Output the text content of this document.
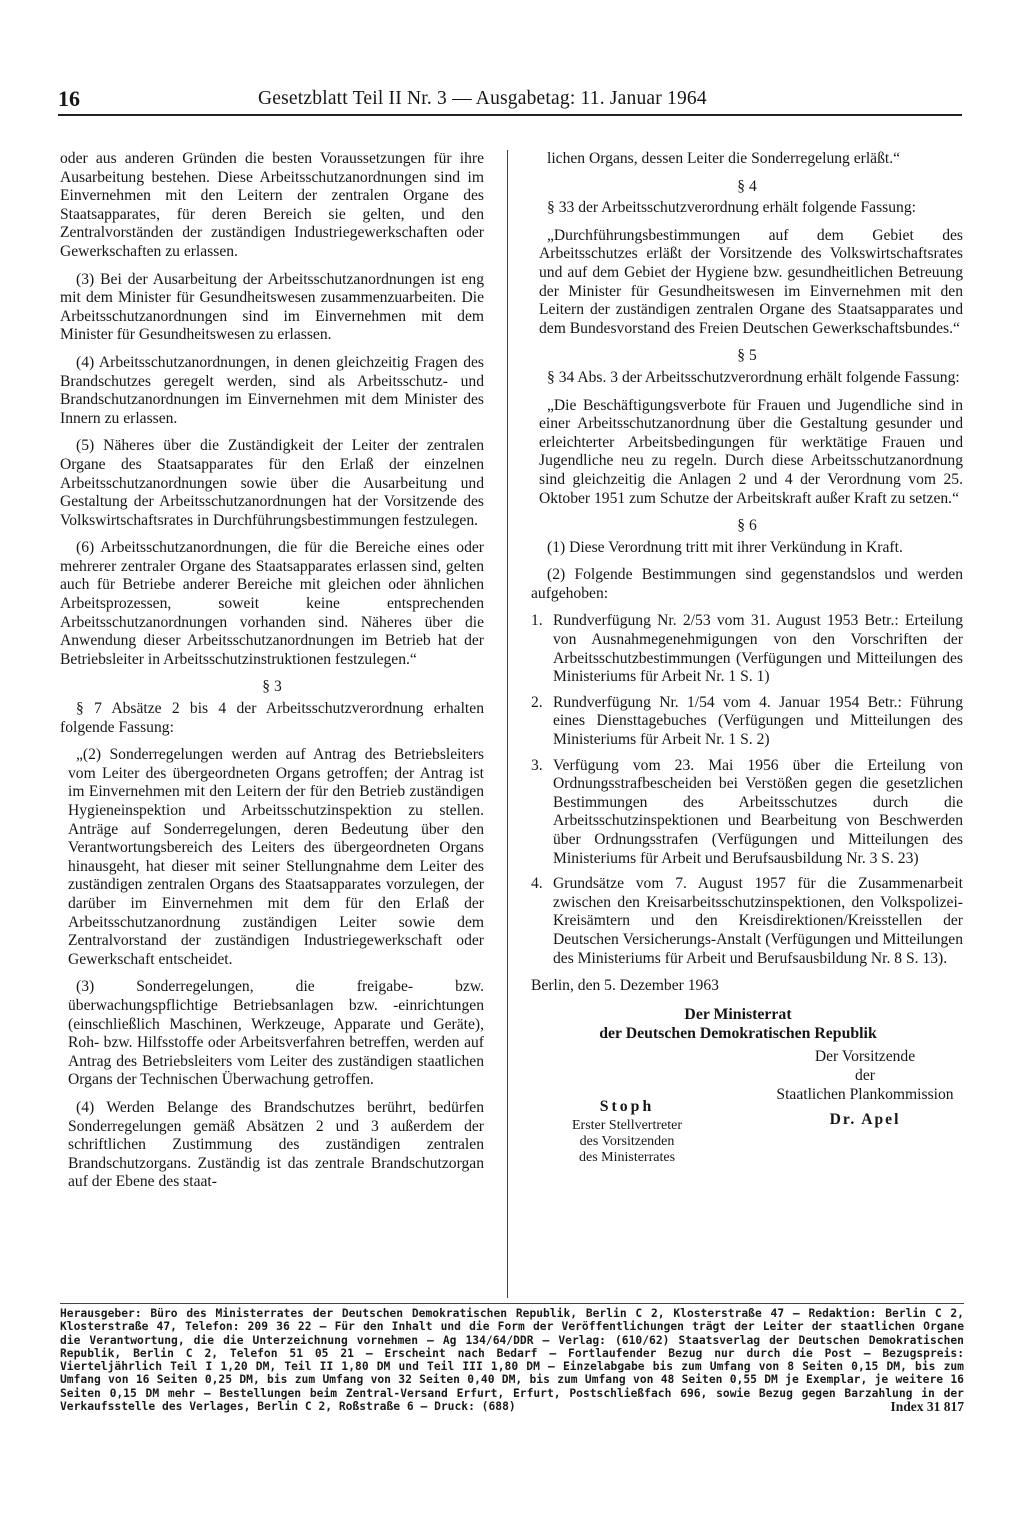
16	Gesetzblatt Teil II Nr. 3 — Ausgabetag: 11. Januar 1964

oder aus anderen Gründen die besten Voraussetzungen für ihre Ausarbeitung bestehen. Diese Arbeitsschutzanordnungen sind im Einvernehmen mit den Leitern der zentralen Organe des Staatsapparates, für deren Bereich sie gelten, und den Zentralvorständen der zuständigen Industriegewerkschaften oder Gewerkschaften zu erlassen.

(3) Bei der Ausarbeitung der Arbeitsschutzanordnungen ist eng mit dem Minister für Gesundheitswesen zusammenzuarbeiten. Die Arbeitsschutzanordnungen sind im Einvernehmen mit dem Minister für Gesundheitswesen zu erlassen.

(4) Arbeitsschutzanordnungen, in denen gleichzeitig Fragen des Brandschutzes geregelt werden, sind als Arbeitsschutz- und Brandschutzanordnungen im Einvernehmen mit dem Minister des Innern zu erlassen.

(5) Näheres über die Zuständigkeit der Leiter der zentralen Organe des Staatsapparates für den Erlaß der einzelnen Arbeitsschutzanordnungen sowie über die Ausarbeitung und Gestaltung der Arbeitsschutzanordnungen hat der Vorsitzende des Volkswirtschaftsrates in Durchführungsbestimmungen festzulegen.

(6) Arbeitsschutzanordnungen, die für die Bereiche eines oder mehrerer zentraler Organe des Staatsapparates erlassen sind, gelten auch für Betriebe anderer Bereiche mit gleichen oder ähnlichen Arbeitsprozessen, soweit keine entsprechenden Arbeitsschutzanordnungen vorhanden sind. Näheres über die Anwendung dieser Arbeitsschutzanordnungen im Betrieb hat der Betriebsleiter in Arbeitsschutzinstruktionen festzulegen.“

§ 3

§ 7 Absätze 2 bis 4 der Arbeitsschutzverordnung erhalten folgende Fassung:

„(2) Sonderregelungen werden auf Antrag des Betriebsleiters vom Leiter des übergeordneten Organs getroffen; der Antrag ist im Einvernehmen mit den Leitern der für den Betrieb zuständigen Hygieneinspektion und Arbeitsschutzinspektion zu stellen. Anträge auf Sonderregelungen, deren Bedeutung über den Verantwortungsbereich des Leiters des übergeordneten Organs hinausgeht, hat dieser mit seiner Stellungnahme dem Leiter des zuständigen zentralen Organs des Staatsapparates vorzulegen, der darüber im Einvernehmen mit dem für den Erlaß der Arbeitsschutzanordnung zuständigen Leiter sowie dem Zentralvorstand der zuständigen Industriegewerkschaft oder Gewerkschaft entscheidet.

(3) Sonderregelungen, die freigabe- bzw. überwachungspflichtige Betriebsanlagen bzw. -einrichtungen (einschließlich Maschinen, Werkzeuge, Apparate und Geräte), Roh- bzw. Hilfsstoffe oder Arbeitsverfahren betreffen, werden auf Antrag des Betriebsleiters vom Leiter des zuständigen staatlichen Organs der Technischen Überwachung getroffen.

(4) Werden Belange des Brandschutzes berührt, bedürfen Sonderregelungen gemäß Absätzen 2 und 3 außerdem der schriftlichen Zustimmung des zuständigen zentralen Brandschutzorgans. Zuständig ist das zentrale Brandschutzorgan auf der Ebene des staat-

lichen Organs, dessen Leiter die Sonderregelung erläßt.“

§ 4

§ 33 der Arbeitsschutzverordnung erhält folgende Fassung:

„Durchführungsbestimmungen auf dem Gebiet des Arbeitsschutzes erläßt der Vorsitzende des Volkswirtschaftsrates und auf dem Gebiet der Hygiene bzw. gesundheitlichen Betreuung der Minister für Gesundheitswesen im Einvernehmen mit den Leitern der zuständigen zentralen Organe des Staatsapparates und dem Bundesvorstand des Freien Deutschen Gewerkschaftsbundes.“

§ 5

§ 34 Abs. 3 der Arbeitsschutzverordnung erhält folgende Fassung:

„Die Beschäftigungsverbote für Frauen und Jugendliche sind in einer Arbeitsschutzanordnung über die Gestaltung gesunder und erleichterter Arbeitsbedingungen für werktätige Frauen und Jugendliche neu zu regeln. Durch diese Arbeitsschutzanordnung sind gleichzeitig die Anlagen 2 und 4 der Verordnung vom 25. Oktober 1951 zum Schutze der Arbeitskraft außer Kraft zu setzen.“

§ 6

(1) Diese Verordnung tritt mit ihrer Verkündung in Kraft.

(2) Folgende Bestimmungen sind gegenstandslos und werden aufgehoben:

1. Rundverfügung Nr. 2/53 vom 31. August 1953 Betr.: Erteilung von Ausnahmegenehmigungen von den Vorschriften der Arbeitsschutzbestimmungen (Verfügungen und Mitteilungen des Ministeriums für Arbeit Nr. 1 S. 1)
2. Rundverfügung Nr. 1/54 vom 4. Januar 1954 Betr.: Führung eines Diensttagebuches (Verfügungen und Mitteilungen des Ministeriums für Arbeit Nr. 1 S. 2)
3. Verfügung vom 23. Mai 1956 über die Erteilung von Ordnungsstrafbescheiden bei Verstößen gegen die gesetzlichen Bestimmungen des Arbeitsschutzes durch die Arbeitsschutzinspektionen und Bearbeitung von Beschwerden über Ordnungsstrafen (Verfügungen und Mitteilungen des Ministeriums für Arbeit und Berufsausbildung Nr. 3 S. 23)
4. Grundsätze vom 7. August 1957 für die Zusammenarbeit zwischen den Kreisarbeitsschutzinspektionen, den Volkspolizei-Kreisämtern und den Kreisdirektionen/Kreisstellen der Deutschen Versicherungs-Anstalt (Verfügungen und Mitteilungen des Ministeriums für Arbeit und Berufsausbildung Nr. 8 S. 13).

Berlin, den 5. Dezember 1963

Der Ministerrat
der Deutschen Demokratischen Republik
Der Vorsitzende
der
Staatlichen Plankommission
Dr. Apel
Stoph
Erster Stellvertreter
des Vorsitzenden
des Ministerrates
Herausgeber: Büro des Ministerrates der Deutschen Demokratischen Republik, Berlin C 2, Klosterstraße 47 — Redaktion: Berlin C 2, Klosterstraße 47, Telefon: 209 36 22 — Für den Inhalt und die Form der Veröffentlichungen trägt der Leiter der staatlichen Organe die Verantwortung, die die Unterzeichnung vornehmen — Ag 134/64/DDR — Verlag: (610/62) Staatsverlag der Deutschen Demokratischen Republik, Berlin C 2, Telefon 51 05 21 — Erscheint nach Bedarf — Fortlaufender Bezug nur durch die Post — Bezugspreis: Vierteljährlich Teil I 1,20 DM, Teil II 1,80 DM und Teil III 1,80 DM — Einzelabgabe bis zum Umfang von 8 Seiten 0,15 DM, bis zum Umfang von 16 Seiten 0,25 DM, bis zum Umfang von 32 Seiten 0,40 DM, bis zum Umfang von 48 Seiten 0,55 DM je Exemplar, je weitere 16 Seiten 0,15 DM mehr — Bestellungen beim Zentral-Versand Erfurt, Erfurt, Postschließfach 696, sowie Bezug gegen Barzahlung in der Verkaufsstelle des Verlages, Berlin C 2, Roßstraße 6 — Druck: (688)	Index 31 817
